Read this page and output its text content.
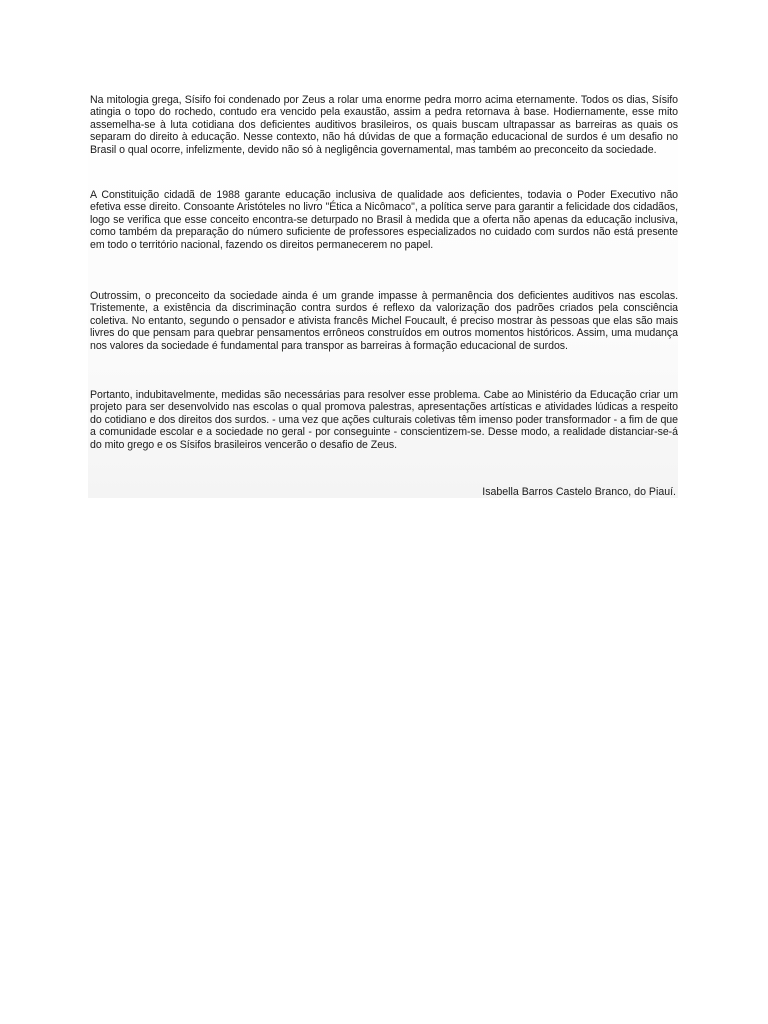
Na mitologia grega, Sísifo foi condenado por Zeus a rolar uma enorme pedra morro acima eternamente. Todos os dias, Sísifo atingia o topo do rochedo, contudo era vencido pela exaustão, assim a pedra retornava à base. Hodiernamente, esse mito assemelha-se à luta cotidiana dos deficientes auditivos brasileiros, os quais buscam ultrapassar as barreiras as quais os separam do direito à educação. Nesse contexto, não há dúvidas de que a formação educacional de surdos é um desafio no Brasil o qual ocorre, infelizmente, devido não só à negligência governamental, mas também ao preconceito da sociedade.

A Constituição cidadã de 1988 garante educação inclusiva de qualidade aos deficientes, todavia o Poder Executivo não efetiva esse direito. Consoante Aristóteles no livro "Ética a Nicômaco", a política serve para garantir a felicidade dos cidadãos, logo se verifica que esse conceito encontra-se deturpado no Brasil à medida que a oferta não apenas da educação inclusiva, como também da preparação do número suficiente de professores especializados no cuidado com surdos não está presente em todo o território nacional, fazendo os direitos permanecerem no papel.

Outrossim, o preconceito da sociedade ainda é um grande impasse à permanência dos deficientes auditivos nas escolas. Tristemente, a existência da discriminação contra surdos é reflexo da valorização dos padrões criados pela consciência coletiva. No entanto, segundo o pensador e ativista francês Michel Foucault, é preciso mostrar às pessoas que elas são mais livres do que pensam para quebrar pensamentos errôneos construídos em outros momentos históricos. Assim, uma mudança nos valores da sociedade é fundamental para transpor as barreiras à formação educacional de surdos.

Portanto, indubitavelmente, medidas são necessárias para resolver esse problema. Cabe ao Ministério da Educação criar um projeto para ser desenvolvido nas escolas o qual promova palestras, apresentações artísticas e atividades lúdicas a respeito do cotidiano e dos direitos dos surdos. - uma vez que ações culturais coletivas têm imenso poder transformador - a fim de que a comunidade escolar e a sociedade no geral - por conseguinte - conscientizem-se. Desse modo, a realidade distanciar-se-á do mito grego e os Sísifos brasileiros vencerão o desafio de Zeus.

Isabella Barros Castelo Branco, do Piauí.
